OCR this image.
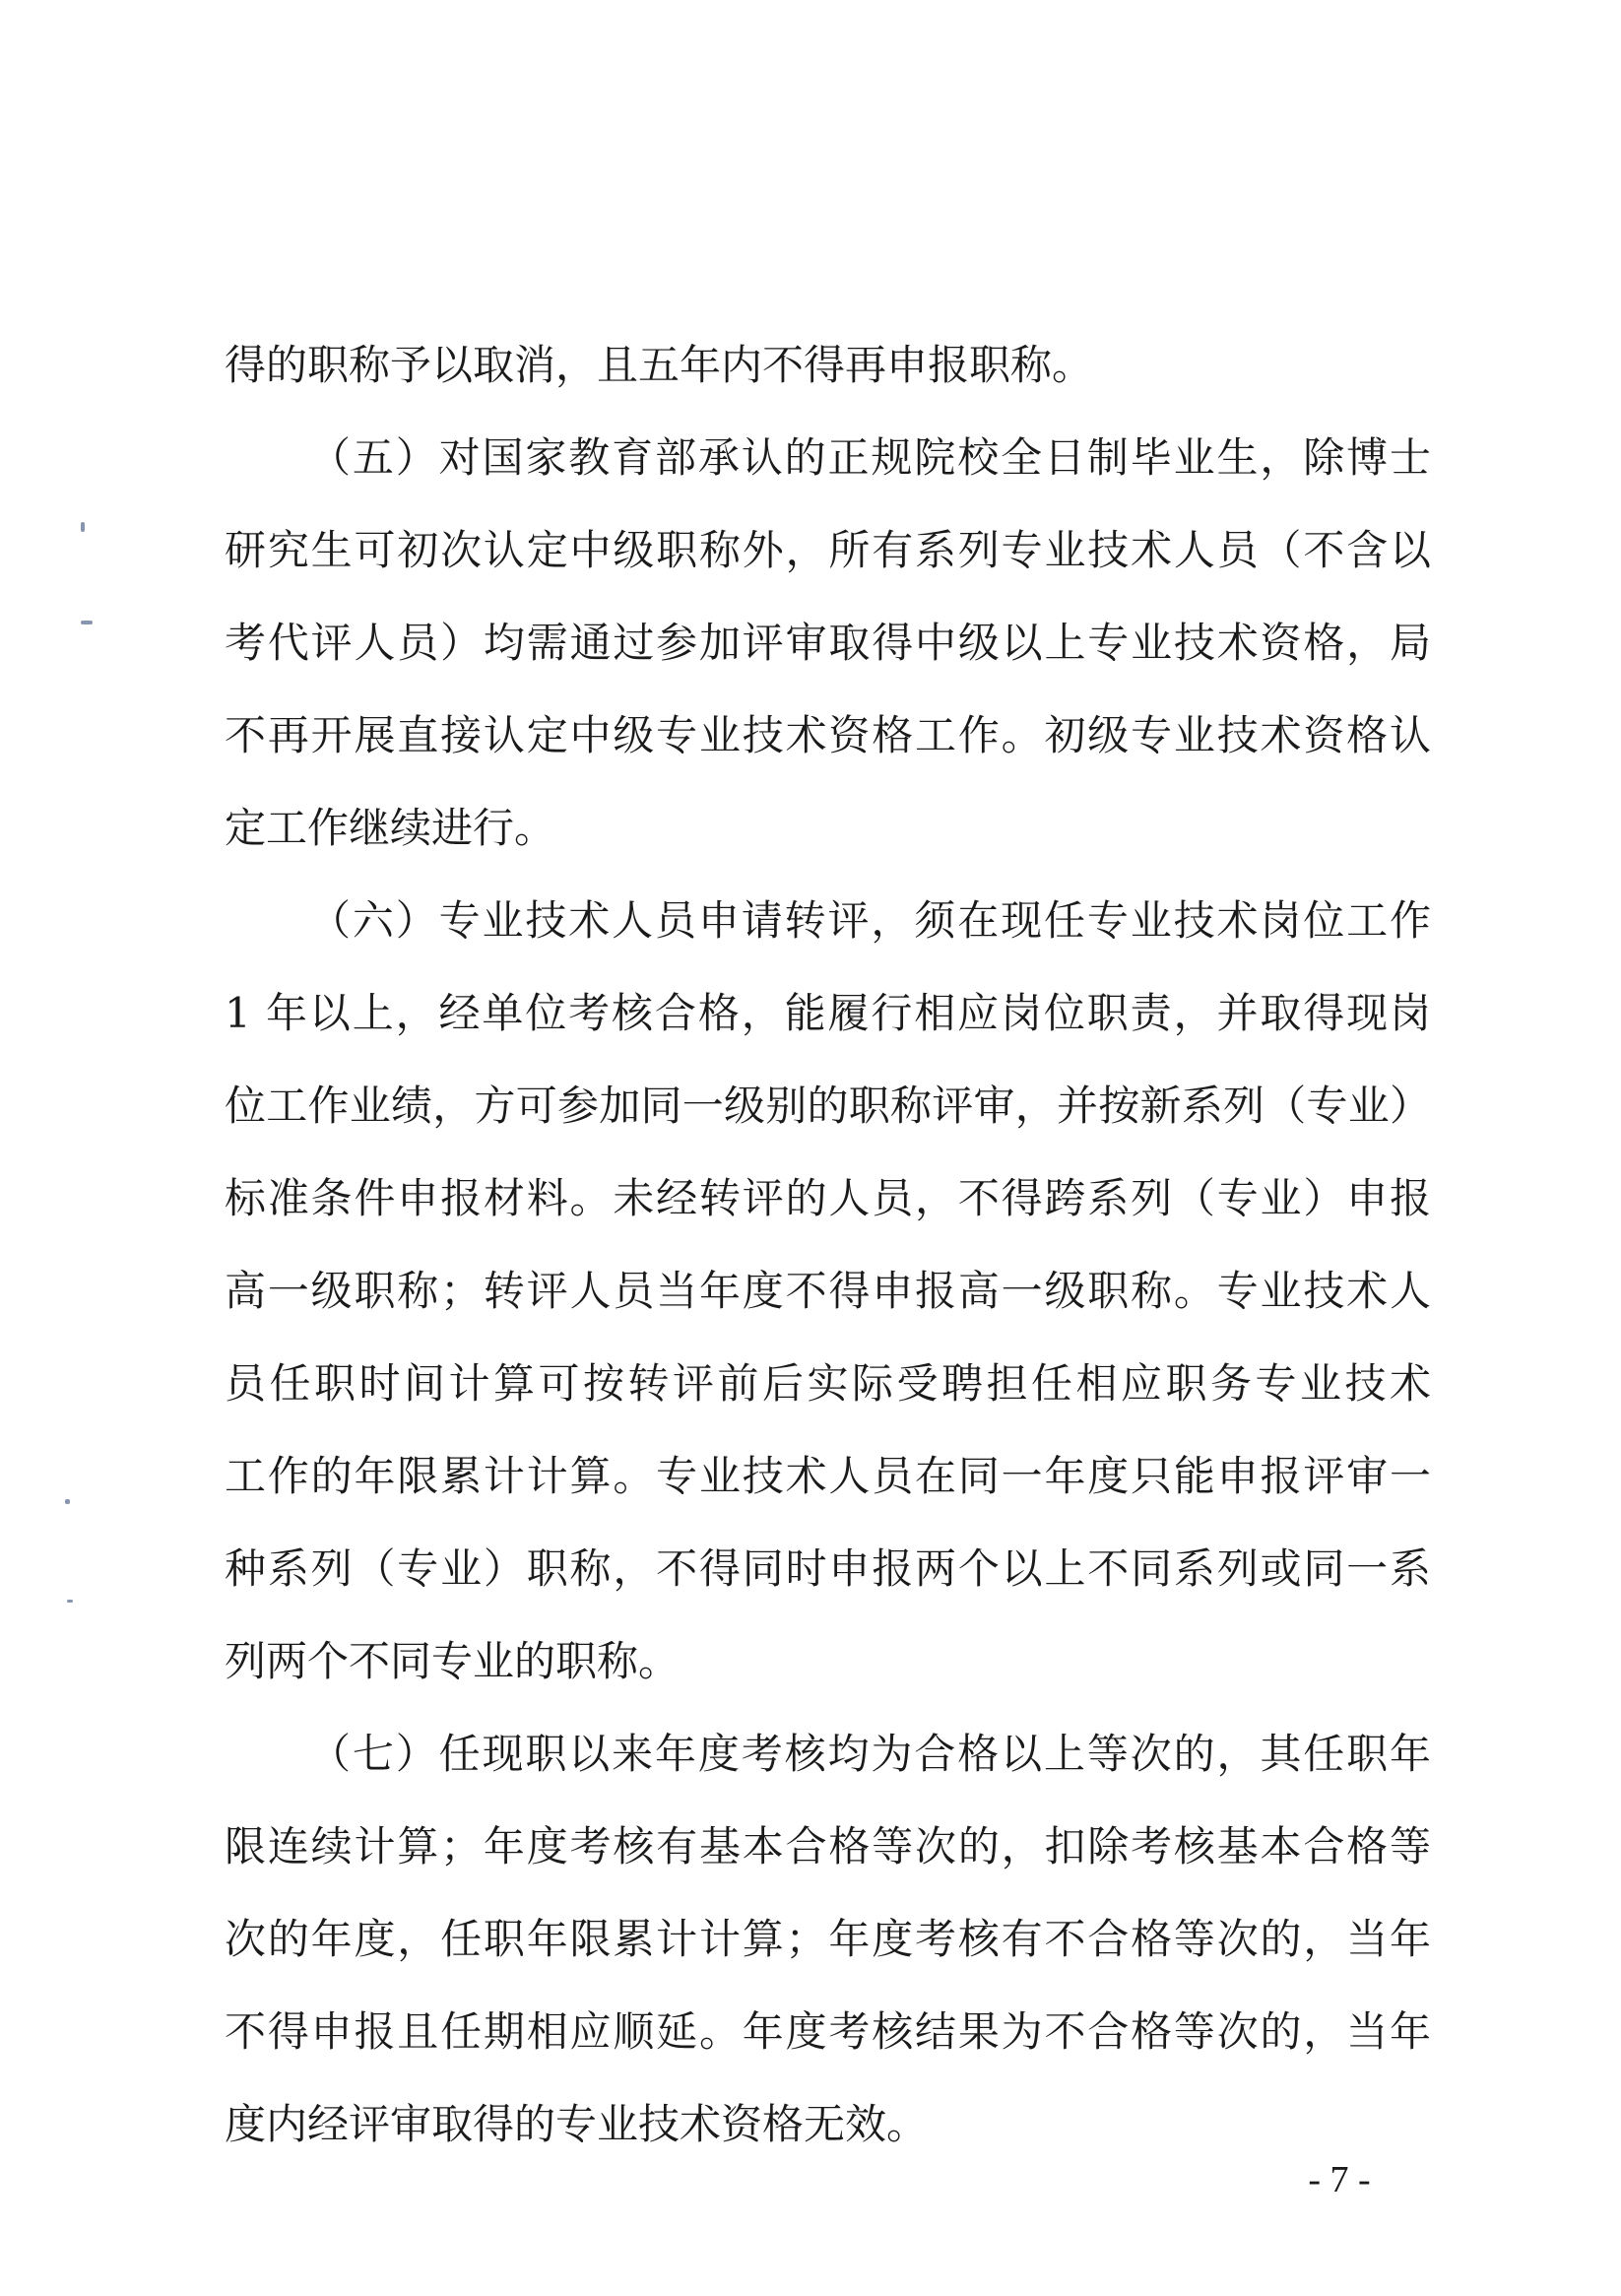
得的职称予以取消，且五年内不得再申报职称。
（五）对国家教育部承认的正规院校全日制毕业生，除博士
研究生可初次认定中级职称外，所有系列专业技术人员（不含以
考代评人员）均需通过参加评审取得中级以上专业技术资格，局
不再开展直接认定中级专业技术资格工作。初级专业技术资格认
定工作继续进行。
（六）专业技术人员申请转评，须在现任专业技术岗位工作
1 年以上，经单位考核合格，能履行相应岗位职责，并取得现岗
位工作业绩，方可参加同一级别的职称评审，并按新系列（专业）
标准条件申报材料。未经转评的人员，不得跨系列（专业）申报
高一级职称；转评人员当年度不得申报高一级职称。专业技术人
员任职时间计算可按转评前后实际受聘担任相应职务专业技术
工作的年限累计计算。专业技术人员在同一年度只能申报评审一
种系列（专业）职称，不得同时申报两个以上不同系列或同一系
列两个不同专业的职称。
（七）任现职以来年度考核均为合格以上等次的，其任职年
限连续计算；年度考核有基本合格等次的，扣除考核基本合格等
次的年度，任职年限累计计算；年度考核有不合格等次的，当年
不得申报且任期相应顺延。年度考核结果为不合格等次的，当年
度内经评审取得的专业技术资格无效。
- 7 -
